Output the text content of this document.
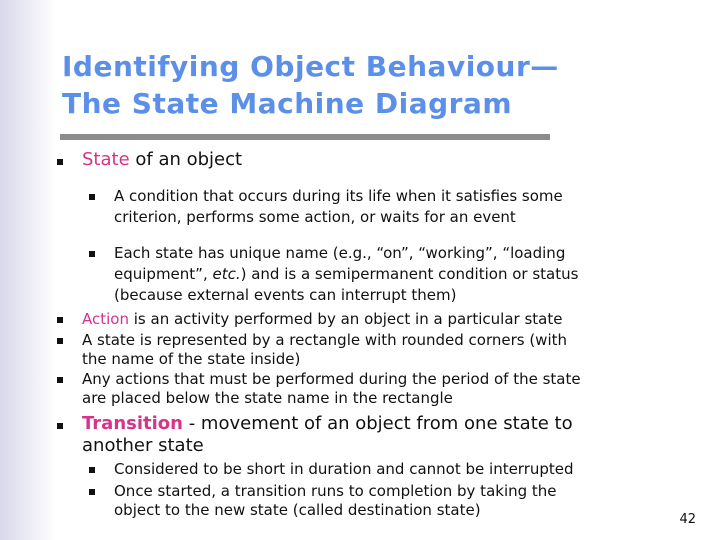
Identifying Object Behaviour—
The State Machine Diagram

State of an object

A condition that occurs during its life when it satisfies some
criterion, performs some action, or waits for an event

Each state has unique name (e.g., “on”, “working”, “loading
equipment”, etc.) and is a semipermanent condition or status
(because external events can interrupt them)

Action is an activity performed by an object in a particular state

A state is represented by a rectangle with rounded corners (with
the name of the state inside)

Any actions that must be performed during the period of the state
are placed below the state name in the rectangle

Transition - movement of an object from one state to
another state

Considered to be short in duration and cannot be interrupted

Once started, a transition runs to completion by taking the
object to the new state (called destination state)

42
